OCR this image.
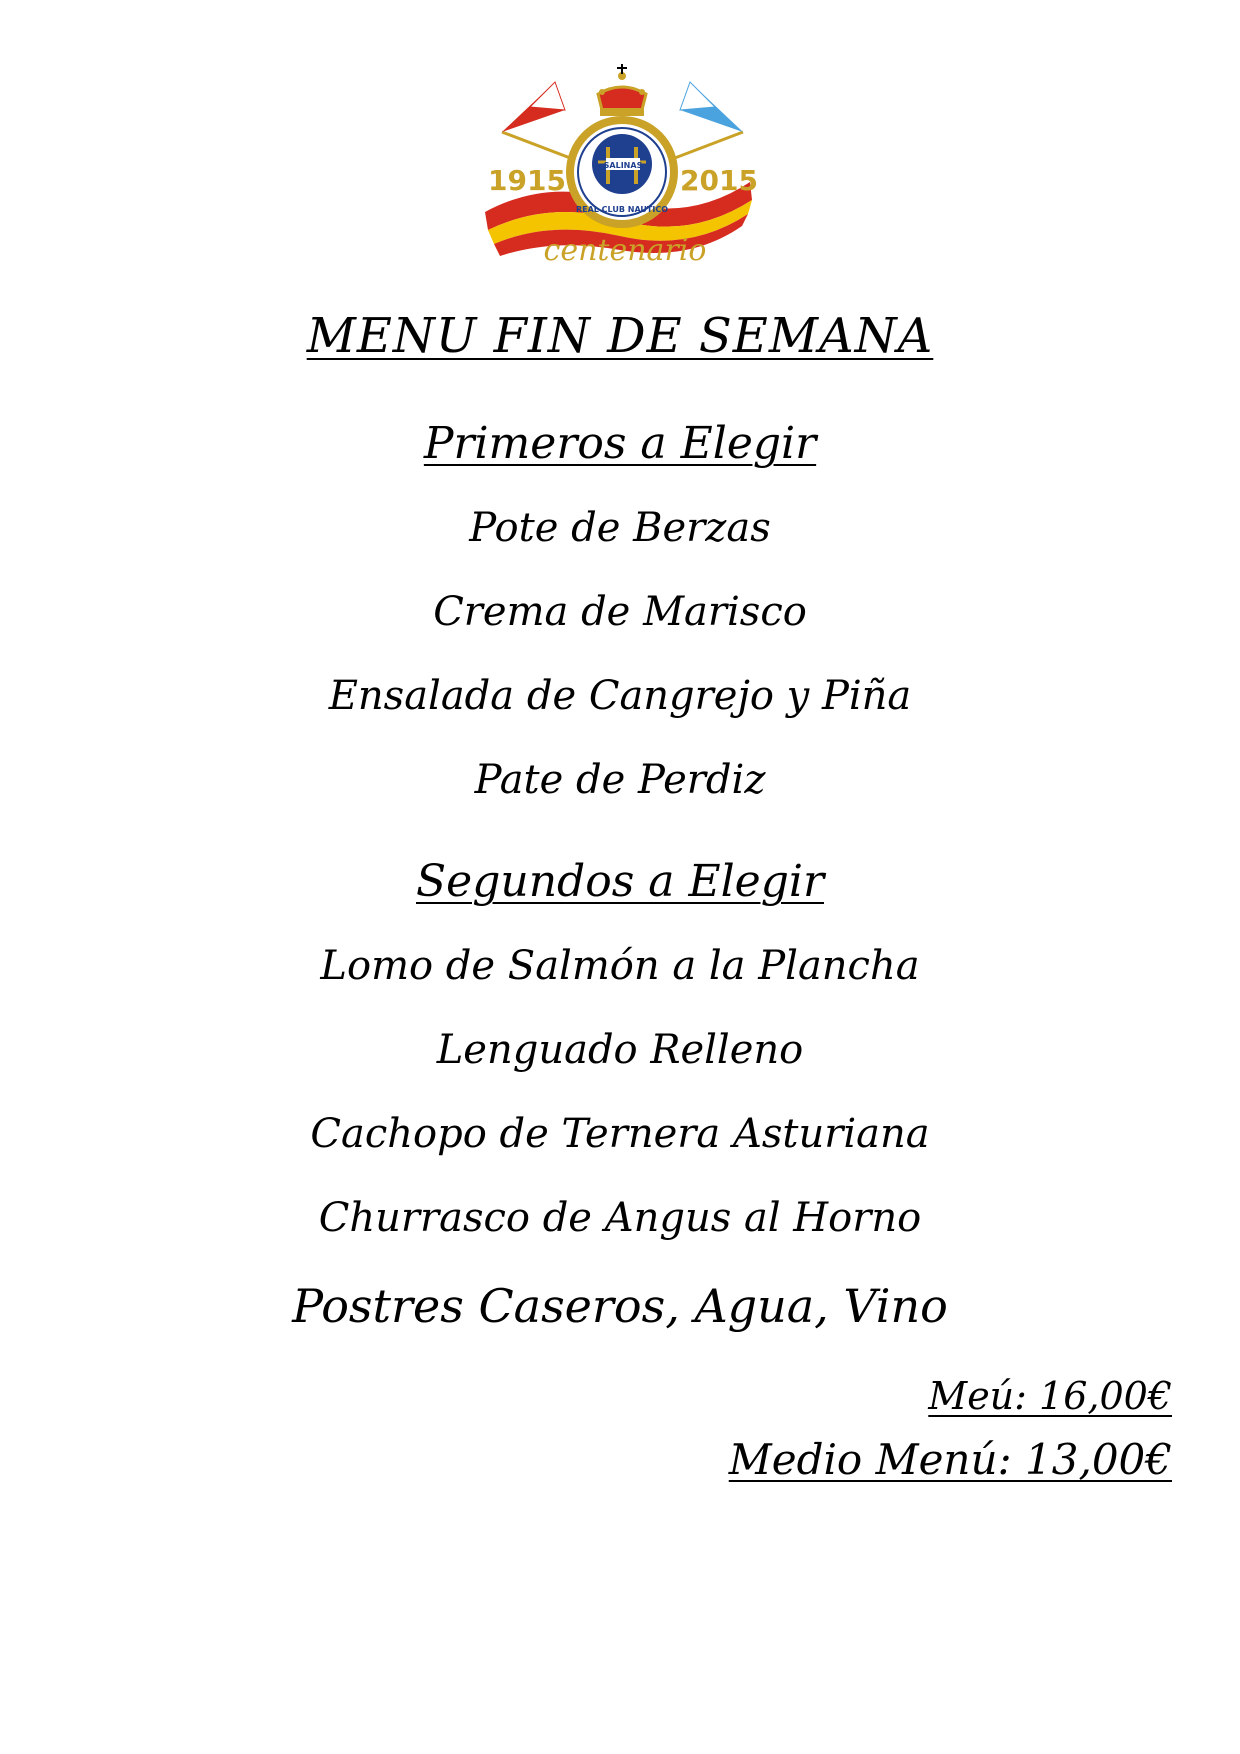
SALINAS
REAL CLUB NAUTICO
1915	2015
centenario
MENU FIN DE SEMANA
Primeros a Elegir
Pote de Berzas
Crema de Marisco
Ensalada de Cangrejo y Piña
Pate de Perdiz
Segundos a Elegir
Lomo de Salmón a la Plancha
Lenguado Relleno
Cachopo de Ternera Asturiana
Churrasco de Angus al Horno
Postres Caseros, Agua, Vino
Meú: 16,00€
Medio Menú: 13,00€
